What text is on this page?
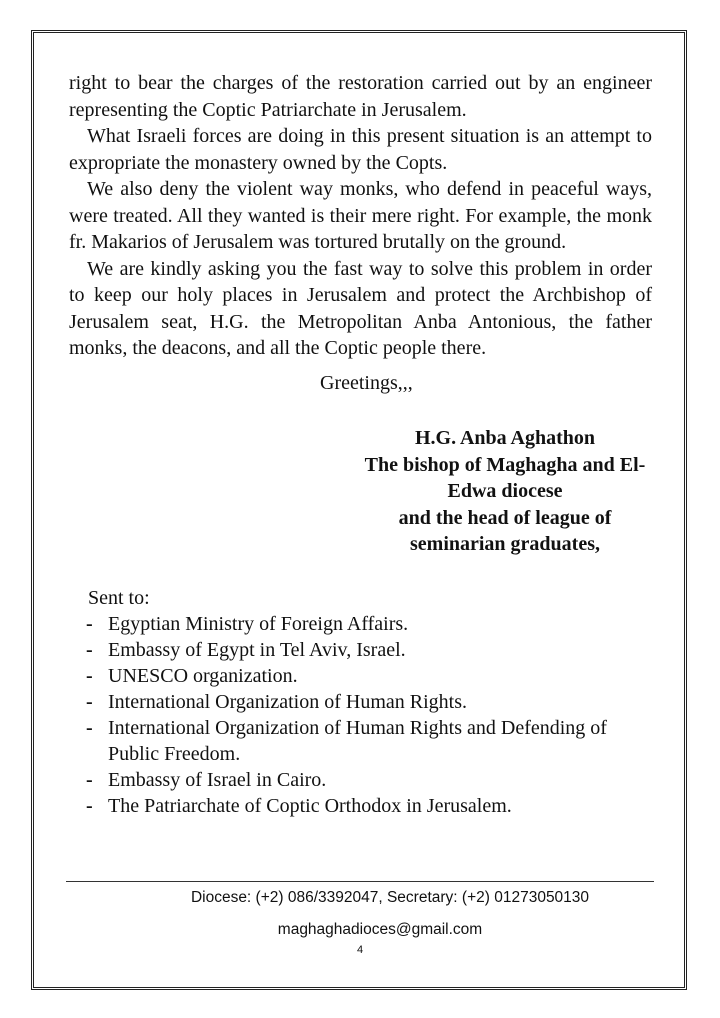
right to bear the charges of the restoration carried out by an engineer representing the Coptic Patriarchate in Jerusalem.

What Israeli forces are doing in this present situation is an attempt to expropriate the monastery owned by the Copts.

We also deny the violent way monks, who defend in peaceful ways, were treated. All they wanted is their mere right. For example, the monk fr. Makarios of Jerusalem was tortured brutally on the ground.

We are kindly asking you the fast way to solve this problem in order to keep our holy places in Jerusalem and protect the Archbishop of Jerusalem seat, H.G. the Metropolitan Anba Antonious, the father monks, the deacons, and all the Coptic people there.

Greetings,,,
H.G. Anba Aghathon
The bishop of Maghagha and El-
Edwa diocese
and the head of league of
seminarian graduates,
Sent to:
- Egyptian Ministry of Foreign Affairs.
- Embassy of Egypt in Tel Aviv, Israel.
- UNESCO organization.
- International Organization of Human Rights.
- International Organization of Human Rights and Defending of Public Freedom.
- Embassy of Israel in Cairo.
- The Patriarchate of Coptic Orthodox in Jerusalem.
Diocese: (+2) 086/3392047, Secretary: (+2) 01273050130
maghaghadioces@gmail.com
4
